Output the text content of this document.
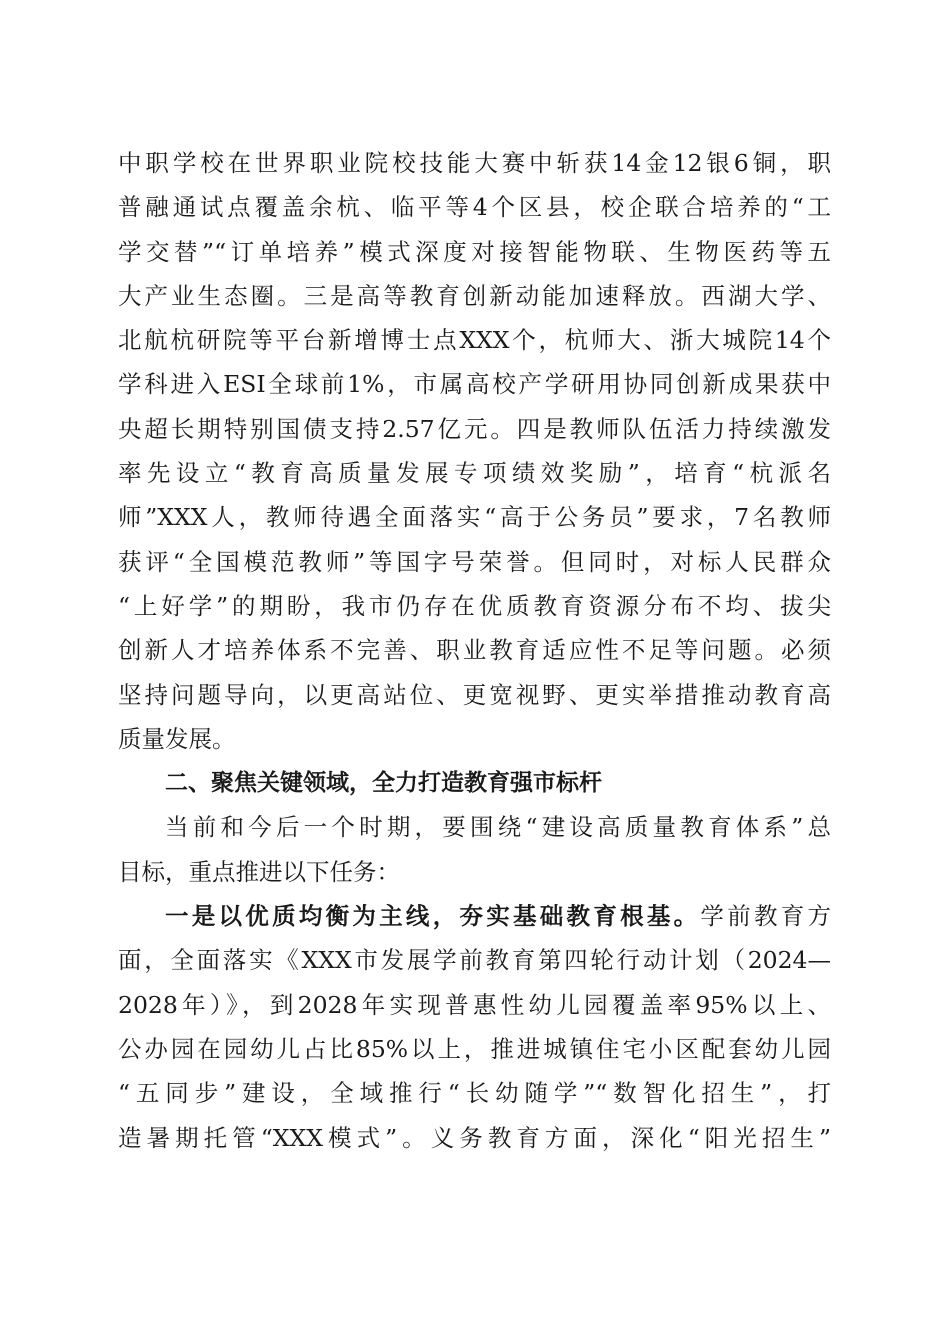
中职学校在世界职业院校技能大赛中斩获14金12银6铜，职
普融通试点覆盖余杭、临平等4个区县，校企联合培养的“工
学交替”“订单培养”模式深度对接智能物联、生物医药等五
大产业生态圈。三是高等教育创新动能加速释放。西湖大学、
北航杭研院等平台新增博士点XXX个，杭师大、浙大城院14个
学科进入ESI全球前1%，市属高校产学研用协同创新成果获中
央超长期特别国债支持2.57亿元。四是教师队伍活力持续激发
率先设立“教育高质量发展专项绩效奖励”，培育“杭派名
师”XXX人，教师待遇全面落实“高于公务员”要求，7名教师
获评“全国模范教师”等国字号荣誉。但同时，对标人民群众
“上好学”的期盼，我市仍存在优质教育资源分布不均、拔尖
创新人才培养体系不完善、职业教育适应性不足等问题。必须
坚持问题导向，以更高站位、更宽视野、更实举措推动教育高
质量发展。
二、聚焦关键领域，全力打造教育强市标杆
当前和今后一个时期，要围绕“建设高质量教育体系”总
目标，重点推进以下任务：
一是以优质均衡为主线，夯实基础教育根基。学前教育方
面，全面落实《XXX市发展学前教育第四轮行动计划（2024—
2028年）》，到2028年实现普惠性幼儿园覆盖率95%以上、
公办园在园幼儿占比85%以上，推进城镇住宅小区配套幼儿园
“五同步”建设，全域推行“长幼随学”“数智化招生”，打
造暑期托管“XXX模式”。义务教育方面，深化“阳光招生”
